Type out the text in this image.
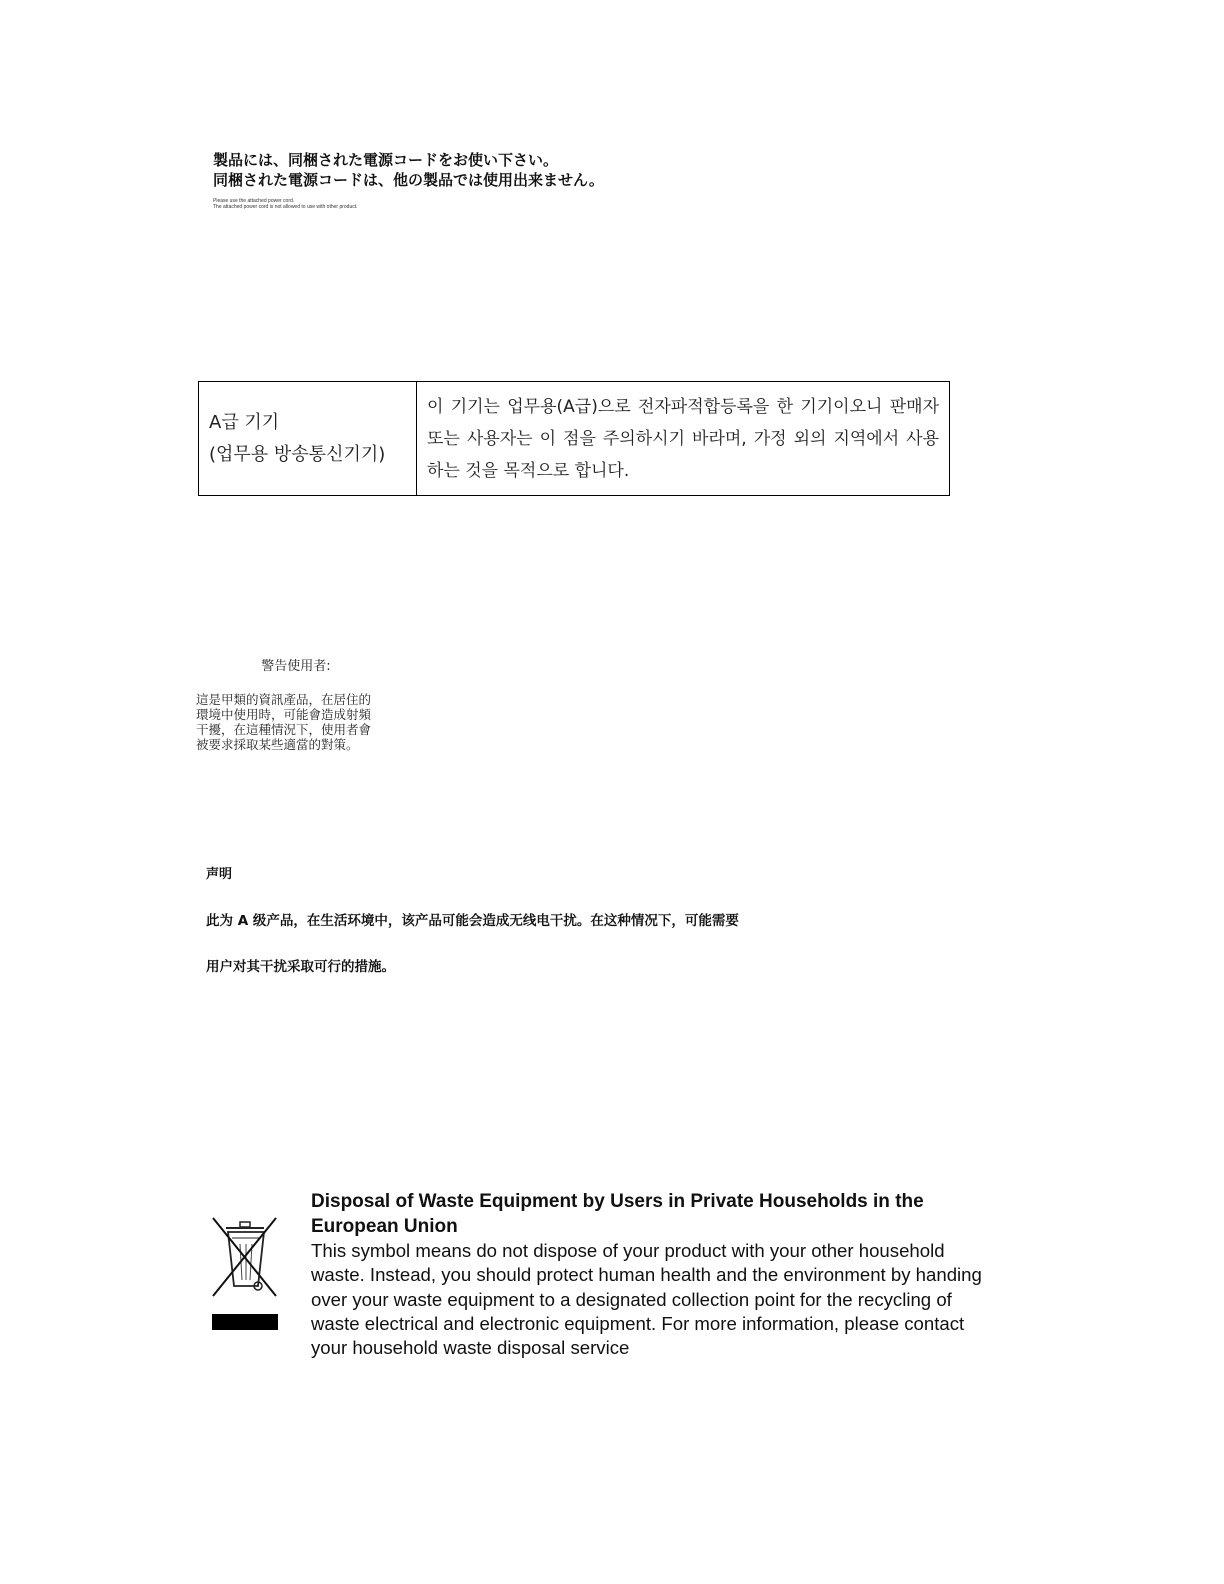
製品には、同梱された電源コードをお使い下さい。
同梱された電源コードは、他の製品では使用出来ません。
Please use the attached power cord.
The attached power cord is not allowed to use with other product.
A급 기기
(업무용 방송통신기기)
	이 기기는 업무용(A급)으로 전자파적합등록을 한 기기이오니 판매자 또는 사용자는 이 점을 주의하시기 바라며, 가정 외의 지역에서 사용하는 것을 목적으로 합니다.
警告使用者:
這是甲類的資訊產品，在居住的
環境中使用時，可能會造成射頻
干擾，在這種情況下，使用者會
被要求採取某些適當的對策。
声明
此为 A 级产品，在生活环境中，该产品可能会造成无线电干扰。在这种情况下，可能需要
用户对其干扰采取可行的措施。
Disposal of Waste Equipment by Users in Private Households in the European Union
This symbol means do not dispose of your product with your other household waste. Instead, you should protect human health and the environment by handing over your waste equipment to a designated collection point for the recycling of waste electrical and electronic equipment. For more information, please contact your household waste disposal service
